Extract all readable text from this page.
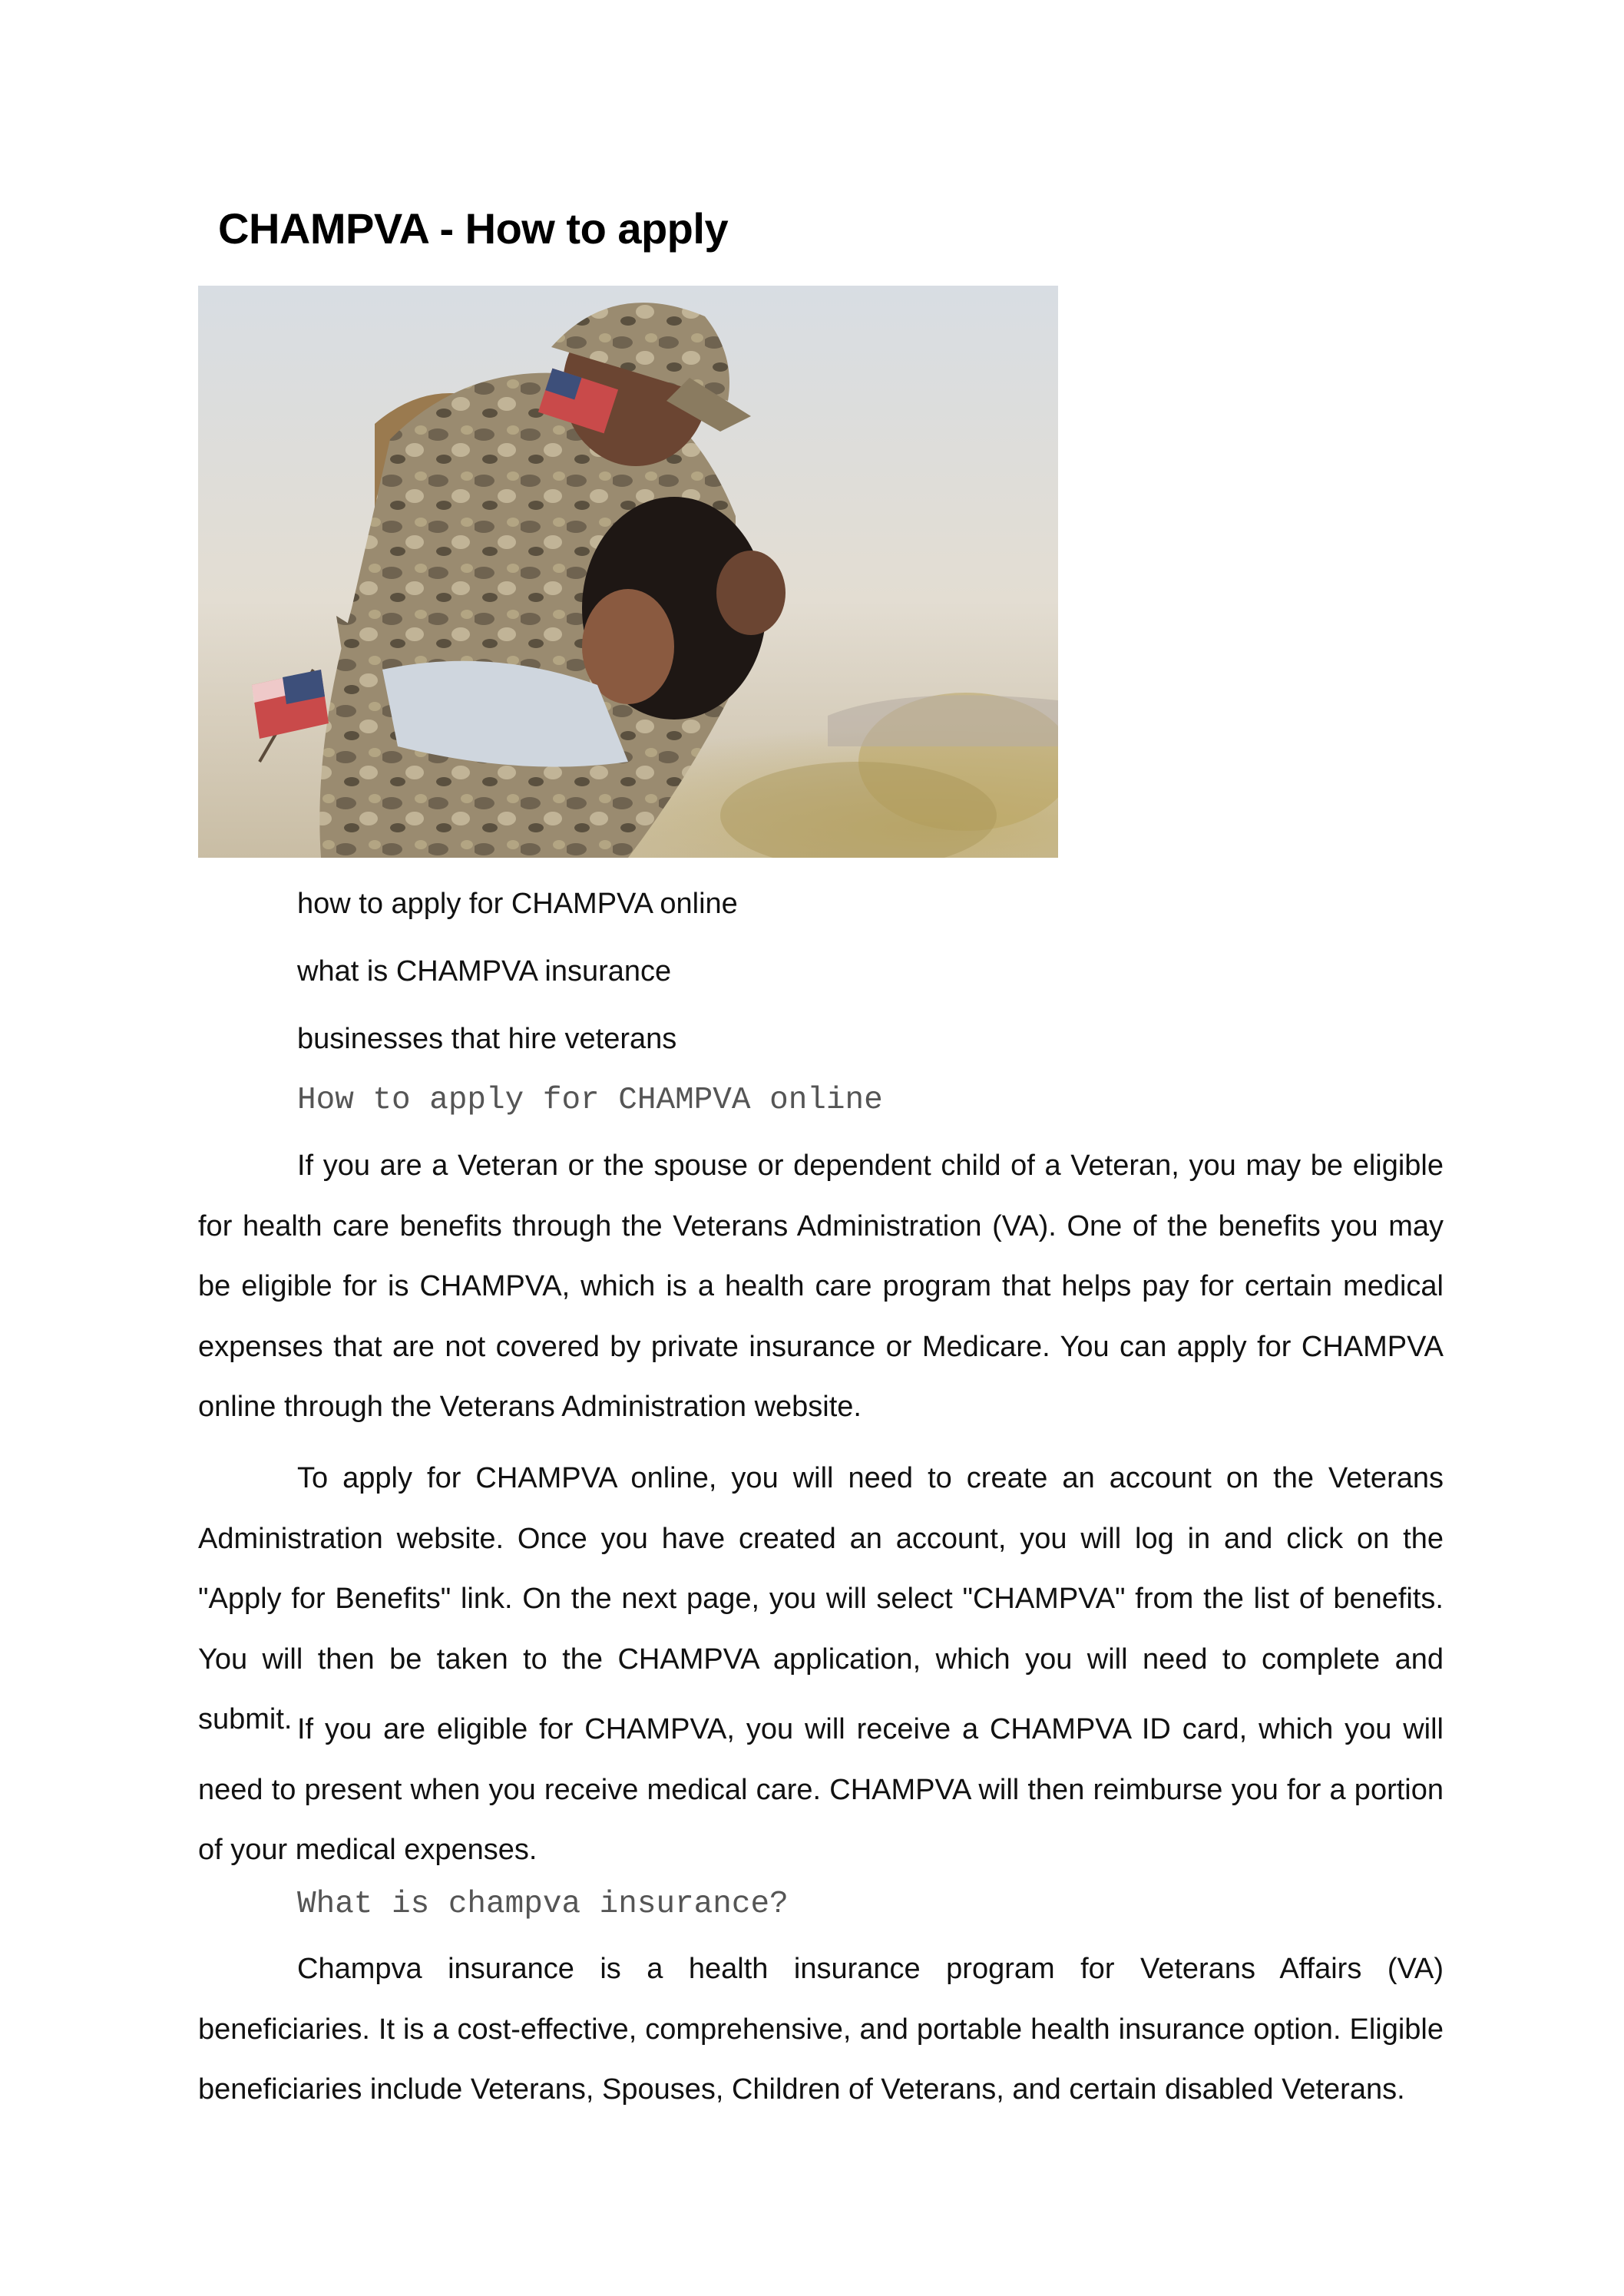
CHAMPVA - How to apply
how to apply for CHAMPVA online
what is CHAMPVA insurance
businesses that hire veterans
How to apply for CHAMPVA online

If you are a Veteran or the spouse or dependent child of a Veteran, you may be eligible for health care benefits through the Veterans Administration (VA). One of the benefits you may be eligible for is CHAMPVA, which is a health care program that helps pay for certain medical expenses that are not covered by private insurance or Medicare. You can apply for CHAMPVA online through the Veterans Administration website.

To apply for CHAMPVA online, you will need to create an account on the Veterans Administration website. Once you have created an account, you will log in and click on the "Apply for Benefits" link. On the next page, you will select "CHAMPVA" from the list of benefits. You will then be taken to the CHAMPVA application, which you will need to complete and submit. If you are eligible for CHAMPVA, you will receive a CHAMPVA ID card, which you will need to present when you receive medical care. CHAMPVA will then reimburse you for a portion of your medical expenses.

What is champva insurance?

Champva insurance is a health insurance program for Veterans Affairs (VA) beneficiaries. It is a cost-effective, comprehensive, and portable health insurance option. Eligible beneficiaries include Veterans, Spouses, Children of Veterans, and certain disabled Veterans.
